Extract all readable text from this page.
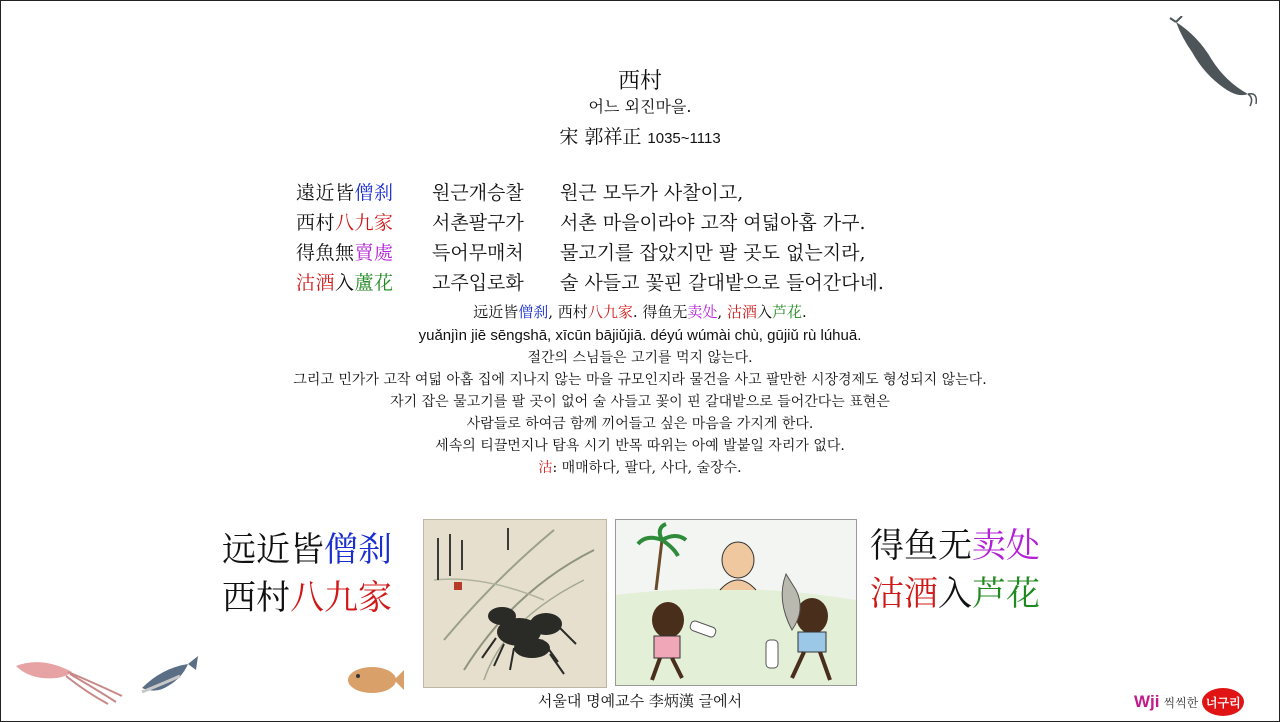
西村
어느 외진마을.
宋 郭祥正 1035~1113
遠近皆僧刹	원근개승찰	원근 모두가 사찰이고,
西村八九家	서촌팔구가	서촌 마을이라야 고작 여덟아홉 가구.
得魚無賣處	득어무매처	물고기를 잡았지만 팔 곳도 없는지라,
沽酒入蘆花	고주입로화	술 사들고 꽃핀 갈대밭으로 들어간다네.
远近皆僧刹, 西村八九家. 得鱼无卖处, 沽酒入芦花.
yuǎnjìn jiē sēngshā, xīcūn bājiǔjiā. déyú wúmài chù, gūjiǔ rù lúhuā.
절간의 스님들은 고기를 먹지 않는다.
그리고 민가가 고작 여덟 아홉 집에 지나지 않는 마을 규모인지라 물건을 사고 팔만한 시장경제도 형성되지 않는다.
자기 잡은 물고기를 팔 곳이 없어 술 사들고 꽃이 핀 갈대밭으로 들어간다는 표현은
사람들로 하여금 함께 끼어들고 싶은 마음을 가지게 한다.
세속의 티끌먼지나 탐욕 시기 반목 따위는 아예 발붙일 자리가 없다.
沽: 매매하다, 팔다, 사다, 술장수.
远近皆僧刹
西村八九家
得鱼无卖处
沽酒入芦花
서울대 명예교수 李炳漢 글에서	Wji 씩씩한 너구리
